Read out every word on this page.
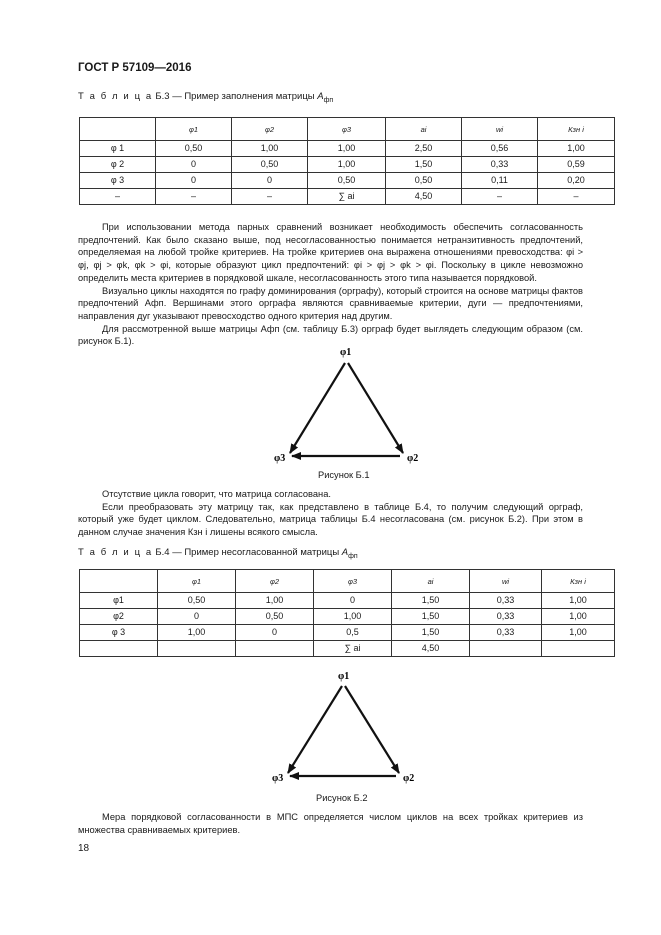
ГОСТ Р 57109—2016
Т а б л и ц а Б.3 — Пример заполнения матрицы $A_{фп}$
	φ1	φ2	φ3	ai	wi	Кзн i
φ 1	0,50	1,00	1,00	2,50	0,56	1,00
φ 2	0	0,50	1,00	1,50	0,33	0,59
φ 3	0	0	0,50	0,50	0,11	0,20
–	–	–	∑ ai	4,50	–	–

При использовании метода парных сравнений возникает необходимость обеспечить согласованность предпочтений. Как было сказано выше, под несогласованностью понимается нетранзитивность предпочтений, определяемая на любой тройке критериев. На тройке критериев она выражена отношениями превосходства: φi > φj, φj > φk, φk > φi, которые образуют цикл предпочтений: φi > φj > φk > φi. Поскольку в цикле невозможно определить места критериев в порядковой шкале, несогласованность этого типа называется порядковой.

Визуально циклы находятся по графу доминирования (орграфу), который строится на основе матрицы фактов предпочтений Афп. Вершинами этого орграфа являются сравниваемые критерии, дуги — предпочтениями, направления дуг указывают превосходство одного критерия над другим.

Для рассмотренной выше матрицы Афп (см. таблицу Б.3) орграф будет выглядеть следующим образом (см. рисунок Б.1).

φ1
φ3	φ2
Рисунок Б.1

Отсутствие цикла говорит, что матрица согласована.

Если преобразовать эту матрицу так, как представлено в таблице Б.4, то получим следующий орграф, который уже будет циклом. Следовательно, матрица таблицы Б.4 несогласована (см. рисунок Б.2). При этом в данном случае значения Кзн i лишены всякого смысла.

Т а б л и ц а Б.4 — Пример несогласованной матрицы $A_{фп}$
	φ1	φ2	φ3	ai	wi	Кзн i
φ1	0,50	1,00	0	1,50	0,33	1,00
φ2	0	0,50	1,00	1,50	0,33	1,00
φ 3	1,00	0	0,5	1,50	0,33	1,00
			∑ ai	4,50		
φ1
φ3	φ2
Рисунок Б.2

Мера порядковой согласованности в МПС определяется числом циклов на всех тройках критериев из множества сравниваемых критериев.

18
